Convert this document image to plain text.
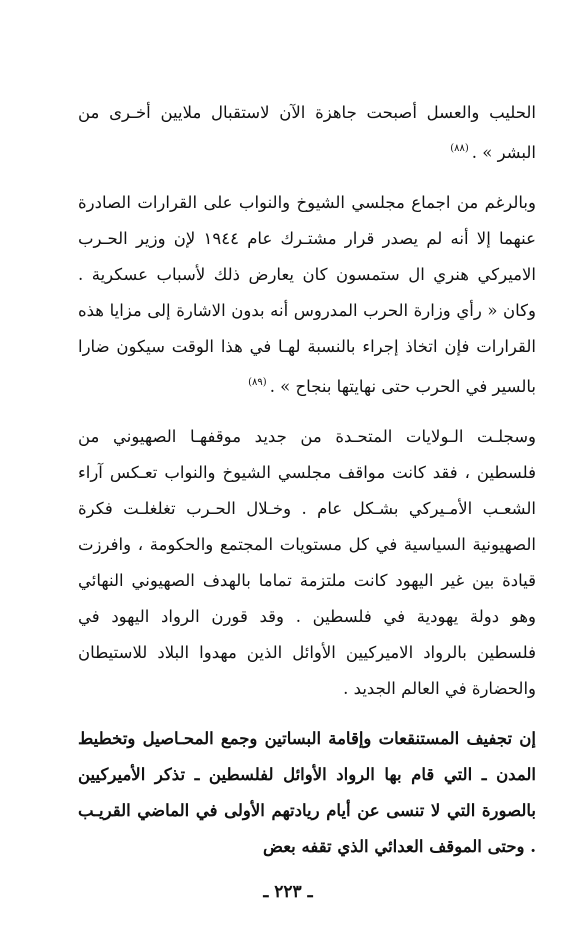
الحليب والعسل أصبحت جاهزة الآن لاستقبال ملايين أخـرى من البشر » .$^{(٨٨)}$

وبالرغم من اجماع مجلسي الشيوخ والنواب على القرارات الصادرة عنهما إلا أنه لم يصدر قرار مشتـرك عام ١٩٤٤ لإن وزير الحـرب الاميركي هنري ال ستمسون كان يعارض ذلك لأسباب عسكرية . وكان « رأي وزارة الحرب المدروس أنه بدون الاشارة إلى مزايا هذه القرارات فإن اتخاذ إجراء بالنسبة لهـا في هذا الوقت سيكون ضارا بالسير في الحرب حتى نهايتها بنجاح » .$^{(٨٩)}$

وسجلـت الـولايات المتحـدة من جديد موقفهـا الصهيوني من فلسطين ، فقد كانت مواقف مجلسي الشيوخ والنواب تعـكس آراء الشعـب الأمـيركي بشـكل عام . وخـلال الحـرب تغلغلـت فكرة الصهيونية السياسية في كل مستويات المجتمع والحكومة ، وافرزت قيادة بين غير اليهود كانت ملتزمة تماما بالهدف الصهيوني النهائي وهو دولة يهودية في فلسطين . وقد قورن الرواد اليهود في فلسطين بالرواد الاميركيين الأوائل الذين مهدوا البلاد للاستيطان والحضارة في العالم الجديد .

إن تجفيف المستنقعات وإقامة البساتين وجمع المحـاصيل وتخطيط المدن ـ التي قام بها الرواد الأوائل لفلسطين ـ تذكر الأميركيين بالصورة التي لا تنسى عن أيام ريادتهم الأولى في الماضي القريـب . وحتى الموقف العدائي الذي تقفه بعض

ـ ٢٢٣ ـ
